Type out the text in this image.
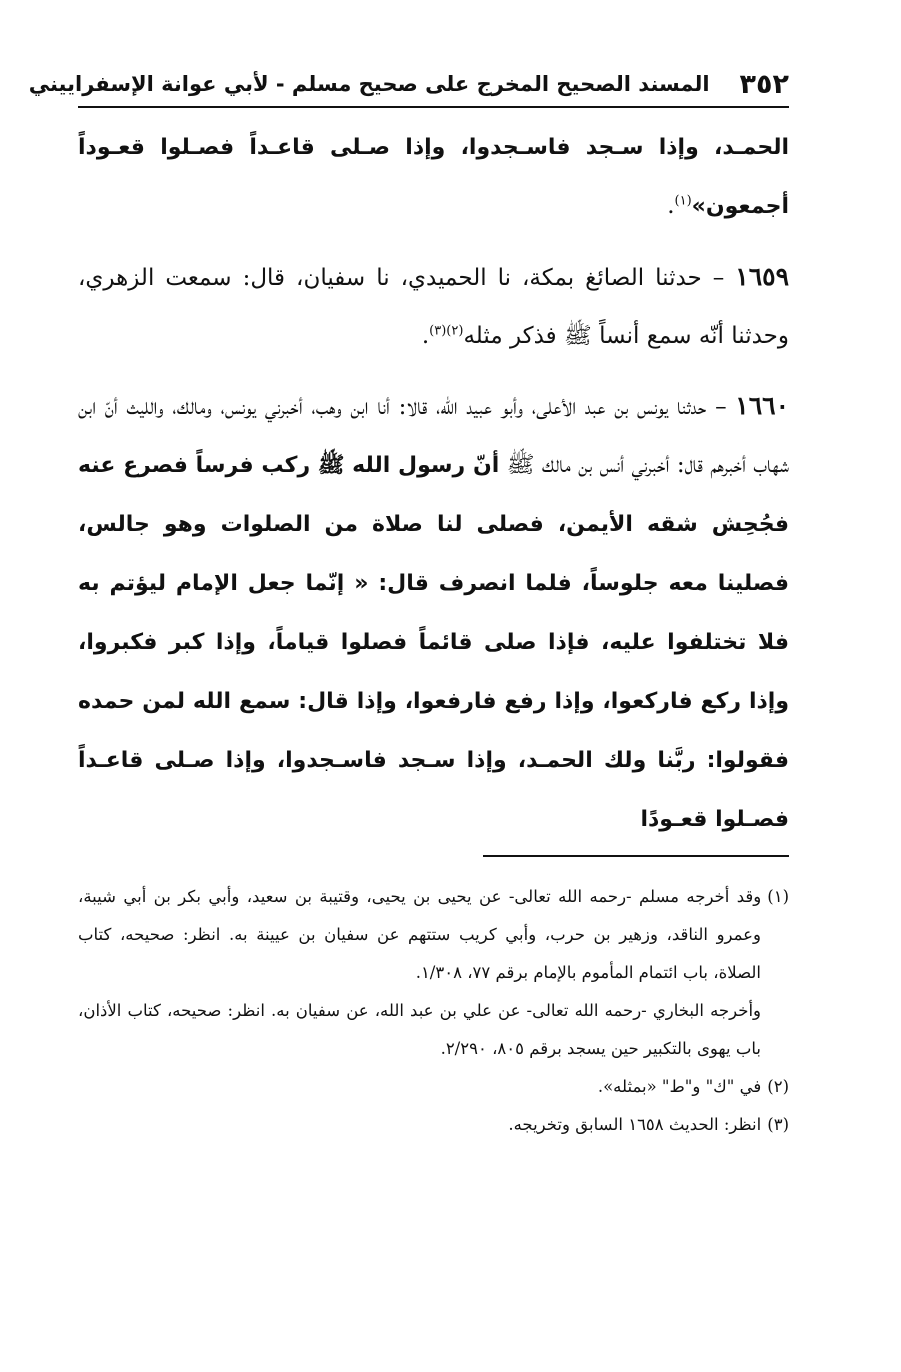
٣٥٢
المسند الصحيح المخرج على صحيح مسلم - لأبي عوانة الإسفراييني

الحمـد، وإذا سـجد فاسـجدوا، وإذا صـلى قاعـداً فصـلوا قعـوداً أجمعون»$^{(١)}$.

١٦٥٩ – حدثنا الصائغ بمكة، نا الحميدي، نا سفيان، قال: سمعت الزهري، وحدثنا أنّه سمع أنساً ﷺ فذكر مثله$^{(٢)(٣)}$.

١٦٦٠ – حدثنا يونس بن عبد الأعلى، وأبو عبيد الله، قالا: أنا ابن وهب، أخبرني يونس، ومالك، والليث أنّ ابن شهاب أخبرهم قال: أخبرني أنس بن مالك ﷺ أنّ رسول الله ﷺ ركب فرساً فصرع عنه فجُحِش شقه الأيمن، فصلى لنا صلاة من الصلوات وهو جالس، فصلينا معه جلوساً، فلما انصرف قال: « إنّما جعل الإمام ليؤتم به فلا تختلفوا عليه، فإذا صلى قائماً فصلوا قياماً، وإذا كبر فكبروا، وإذا ركع فاركعوا، وإذا رفع فارفعوا، وإذا قال: سمع الله لمن حمده فقولوا: ربَّنا ولك الحمـد، وإذا سـجد فاسـجدوا، وإذا صـلى قاعـداً فصـلوا قعـودًا

(١)وقد أخرجه مسلم -رحمه الله تعالى- عن يحيى بن يحيى، وقتيبة بن سعيد، وأبي بكر بن أبي شيبة، وعمرو الناقد، وزهير بن حرب، وأبي كريب ستتهم عن سفيان بن عيينة به. انظر: صحيحه، كتاب الصلاة، باب ائتمام المأموم بالإمام برقم ٧٧، ١/٣٠٨.

وأخرجه البخاري -رحمه الله تعالى- عن علي بن عبد الله، عن سفيان به. انظر: صحيحه، كتاب الأذان، باب يهوى بالتكبير حين يسجد برقم ٨٠٥، ٢/٢٩٠.

(٢)في "ك" و"ط" «بمثله».

(٣)انظر: الحديث ١٦٥٨ السابق وتخريجه.
